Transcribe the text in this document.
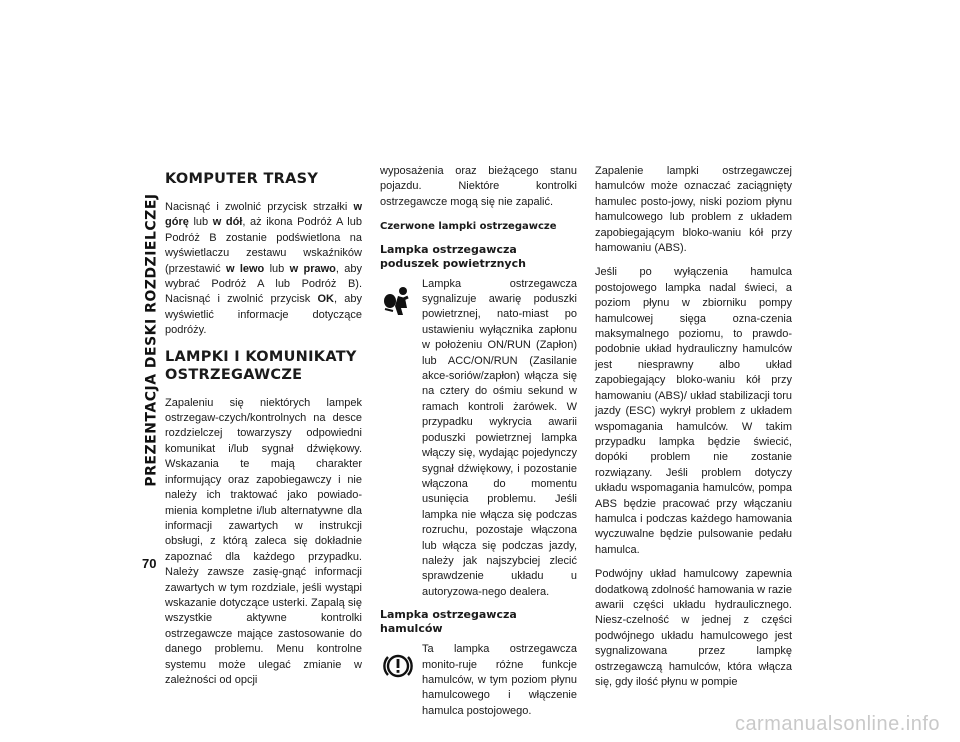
PREZENTACJA DESKI ROZDZIELCZEJ
70
KOMPUTER TRASY

Nacisnąć i zwolnić przycisk strzałki w górę lub w dół, aż ikona Podróż A lub Podróż B zostanie podświetlona na wyświetlaczu zestawu wskaźników (przestawić w lewo lub w prawo, aby wybrać Podróż A lub Podróż B). Nacisnąć i zwolnić przycisk OK, aby wyświetlić informacje dotyczące podróży.

LAMPKI I KOMUNIKATY OSTRZEGAWCZE

Zapaleniu się niektórych lampek ostrzegaw-czych/kontrolnych na desce rozdzielczej towarzyszy odpowiedni komunikat i/lub sygnał dźwiękowy. Wskazania te mają charakter informujący oraz zapobiegawczy i nie należy ich traktować jako powiado-mienia kompletne i/lub alternatywne dla informacji zawartych w instrukcji obsługi, z którą zaleca się dokładnie zapoznać dla każdego przypadku. Należy zawsze zasię-gnąć informacji zawartych w tym rozdziale, jeśli wystąpi wskazanie dotyczące usterki. Zapalą się wszystkie aktywne kontrolki ostrzegawcze mające zastosowanie do danego problemu. Menu kontrolne systemu może ulegać zmianie w zależności od opcji

wyposażenia oraz bieżącego stanu pojazdu. Niektóre kontrolki ostrzegawcze mogą się nie zapalić.

Czerwone lampki ostrzegawcze
Lampka ostrzegawcza poduszek powietrznych
Lampka ostrzegawcza sygnalizuje awarię poduszki powietrznej, nato-miast po ustawieniu wyłącznika zapłonu w położeniu ON/RUN (Zapłon) lub ACC/ON/RUN (Zasilanie akce-soriów/zapłon) włącza się na cztery do ośmiu sekund w ramach kontroli żarówek. W przypadku wykrycia awarii poduszki powietrznej lampka włączy się, wydając pojedynczy sygnał dźwiękowy, i pozostanie włączona do momentu usunięcia problemu. Jeśli lampka nie włącza się podczas rozruchu, pozostaje włączona lub włącza się podczas jazdy, należy jak najszybciej zlecić sprawdzenie układu u autoryzowa-nego dealera.
Lampka ostrzegawcza hamulców
Ta lampka ostrzegawcza monito-ruje różne funkcje hamulców, w tym poziom płynu hamulcowego i włączenie hamulca postojowego.

Zapalenie lampki ostrzegawczej hamulców może oznaczać zaciągnięty hamulec posto-jowy, niski poziom płynu hamulcowego lub problem z układem zapobiegającym bloko-waniu kół przy hamowaniu (ABS).

Jeśli po wyłączenia hamulca postojowego lampka nadal świeci, a poziom płynu w zbiorniku pompy hamulcowej sięga ozna-czenia maksymalnego poziomu, to prawdo-podobnie układ hydrauliczny hamulców jest niesprawny albo układ zapobiegający bloko-waniu kół przy hamowaniu (ABS)/ układ stabilizacji toru jazdy (ESC) wykrył problem z układem wspomagania hamulców. W takim przypadku lampka będzie świecić, dopóki problem nie zostanie rozwiązany. Jeśli problem dotyczy układu wspomagania hamulców, pompa ABS będzie pracować przy włączaniu hamulca i podczas każdego hamowania wyczuwalne będzie pulsowanie pedału hamulca.

Podwójny układ hamulcowy zapewnia dodatkową zdolność hamowania w razie awarii części układu hydraulicznego. Niesz-czelność w jednej z części podwójnego układu hamulcowego jest sygnalizowana przez lampkę ostrzegawczą hamulców, która włącza się, gdy ilość płynu w pompie

carmanualsonline.info
